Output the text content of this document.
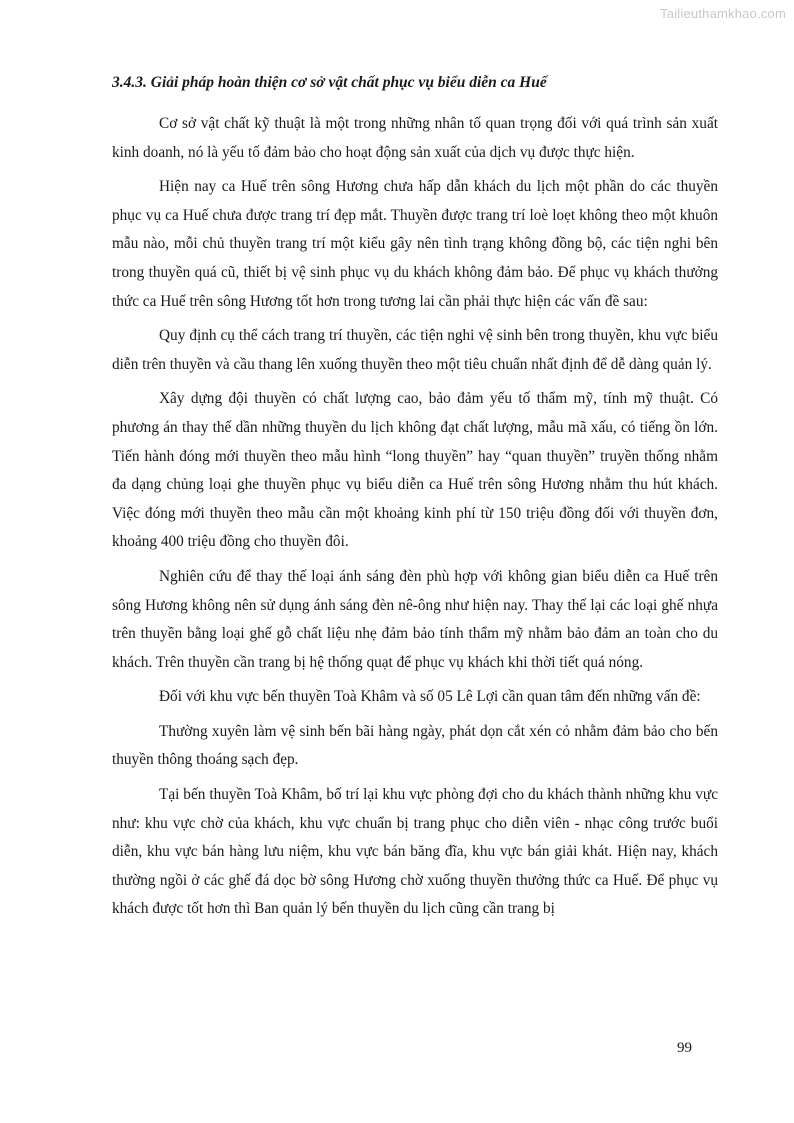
Tailieuthamkhao.com

3.4.3. Giải pháp hoàn thiện cơ sở vật chất phục vụ biểu diễn ca Huế

Cơ sở vật chất kỹ thuật là một trong những nhân tố quan trọng đối với quá trình sản xuất kinh doanh, nó là yếu tố đảm bảo cho hoạt động sản xuất của dịch vụ được thực hiện.

Hiện nay ca Huế trên sông Hương chưa hấp dẫn khách du lịch một phần do các thuyền phục vụ ca Huế chưa được trang trí đẹp mắt. Thuyền được trang trí loè loẹt không theo một khuôn mẫu nào, mỗi chủ thuyền trang trí một kiểu gây nên tình trạng không đồng bộ, các tiện nghi bên trong thuyền quá cũ, thiết bị vệ sinh phục vụ du khách không đảm bảo. Để phục vụ khách thưởng thức ca Huế trên sông Hương tốt hơn trong tương lai cần phải thực hiện các vấn đề sau:

Quy định cụ thể cách trang trí thuyền, các tiện nghi vệ sinh bên trong thuyền, khu vực biểu diễn trên thuyền và cầu thang lên xuống thuyền theo một tiêu chuẩn nhất định để dễ dàng quản lý.

Xây dựng đội thuyền có chất lượng cao, bảo đảm yếu tố thẩm mỹ, tính mỹ thuật. Có phương án thay thế dần những thuyền du lịch không đạt chất lượng, mẫu mã xấu, có tiếng ồn lớn. Tiến hành đóng mới thuyền theo mẫu hình “long thuyền” hay “quan thuyền” truyền thống nhằm đa dạng chủng loại ghe thuyền phục vụ biểu diễn ca Huế trên sông Hương nhằm thu hút khách. Việc đóng mới thuyền theo mẫu cần một khoảng kinh phí từ 150 triệu đồng đối với thuyền đơn, khoảng 400 triệu đồng cho thuyền đôi.

Nghiên cứu để thay thế loại ánh sáng đèn phù hợp với không gian biểu diễn ca Huế trên sông Hương không nên sử dụng ánh sáng đèn nê-ông như hiện nay. Thay thế lại các loại ghế nhựa trên thuyền bằng loại ghế gỗ chất liệu nhẹ đảm bảo tính thẩm mỹ nhằm bảo đảm an toàn cho du khách. Trên thuyền cần trang bị hệ thống quạt để phục vụ khách khi thời tiết quá nóng.

Đối với khu vực bến thuyền Toà Khâm và số 05 Lê Lợi cần quan tâm đến những vấn đề:

Thường xuyên làm vệ sinh bến bãi hàng ngày, phát dọn cắt xén cỏ nhằm đảm bảo cho bến thuyền thông thoáng sạch đẹp.

Tại bến thuyền Toà Khâm, bố trí lại khu vực phòng đợi cho du khách thành những khu vực như: khu vực chờ của khách, khu vực chuẩn bị trang phục cho diễn viên - nhạc công trước buổi diễn, khu vực bán hàng lưu niệm, khu vực bán băng đĩa, khu vực bán giải khát. Hiện nay, khách thường ngồi ở các ghế đá dọc bờ sông Hương chờ xuống thuyền thưởng thức ca Huế. Để phục vụ khách được tốt hơn thì Ban quản lý bến thuyền du lịch cũng cần trang bị

99
